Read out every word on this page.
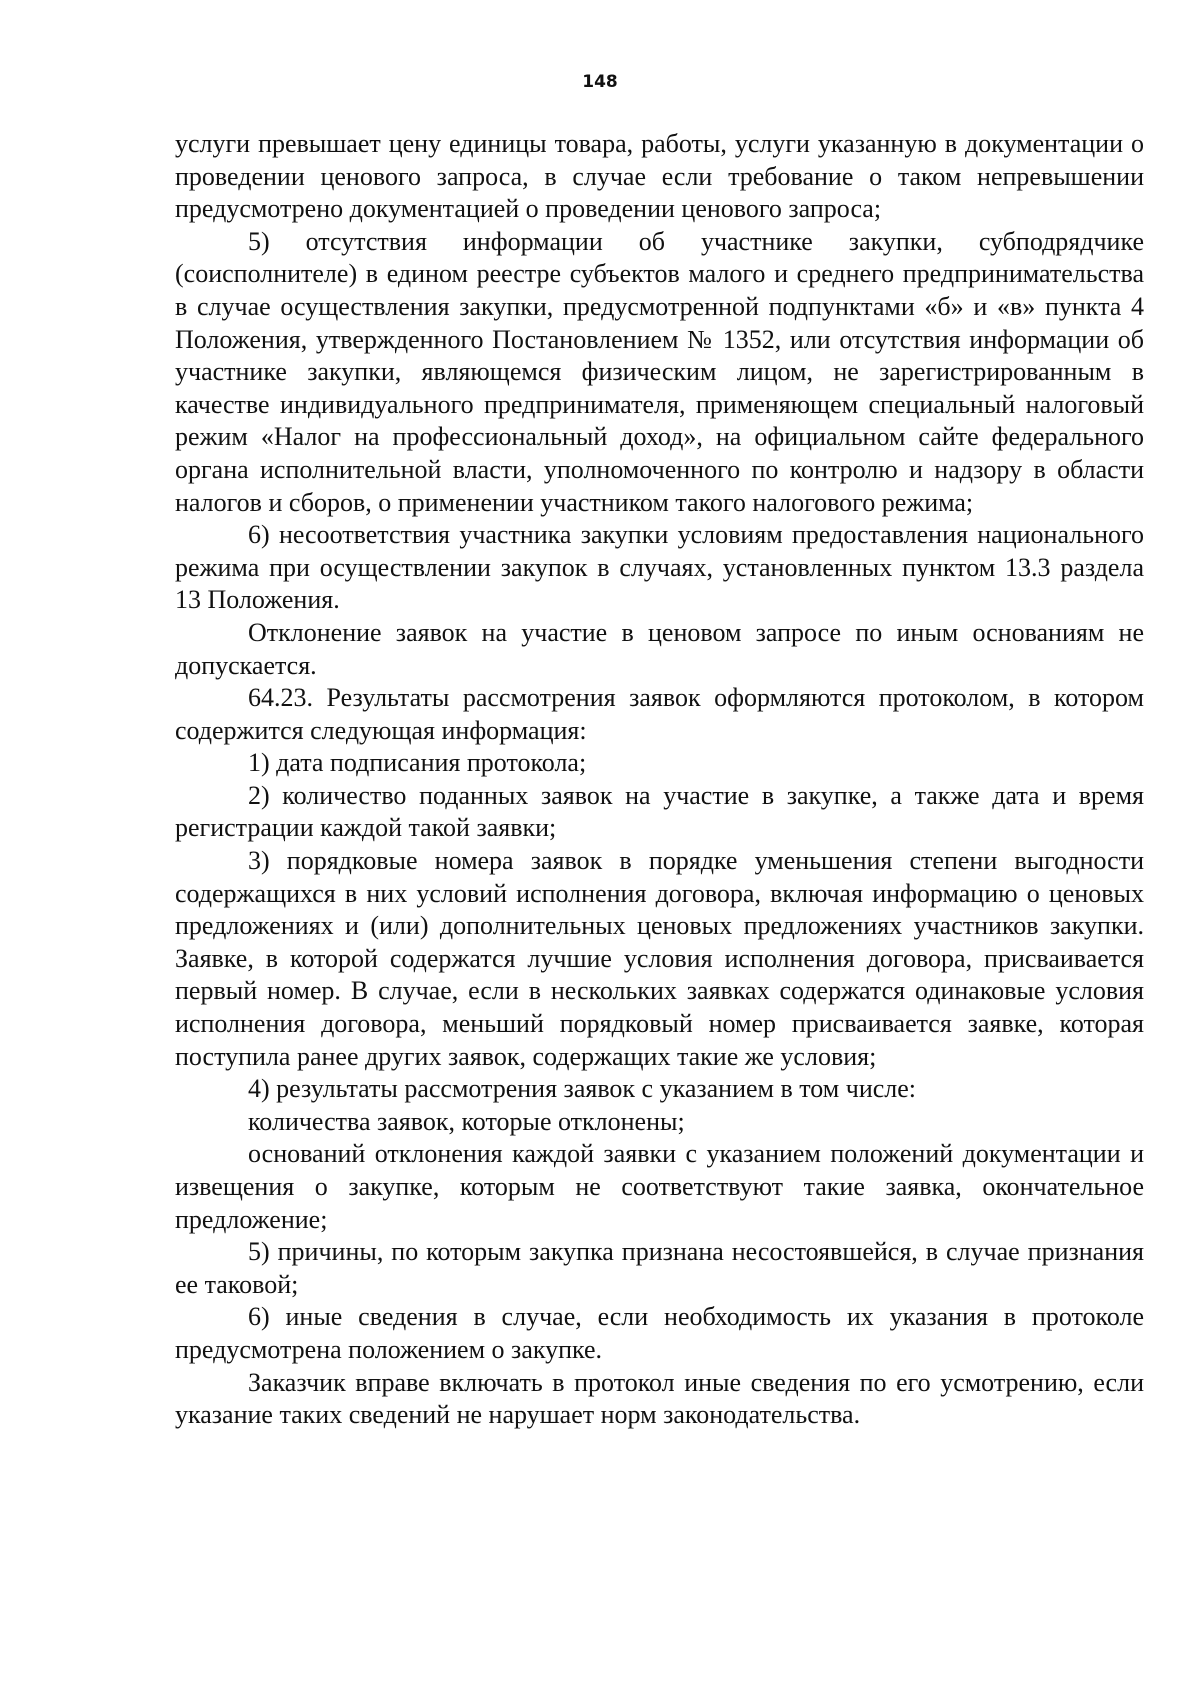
148

услуги превышает цену единицы товара, работы, услуги указанную в документации о проведении ценового запроса, в случае если требование о таком непревышении предусмотрено документацией о проведении ценового запроса;

5) отсутствия информации об участнике закупки, субподрядчике (соисполнителе) в едином реестре субъектов малого и среднего предпринимательства в случае осуществления закупки, предусмотренной подпунктами «б» и «в» пункта 4 Положения, утвержденного Постановлением № 1352, или отсутствия информации об участнике закупки, являющемся физическим лицом, не зарегистрированным в качестве индивидуального предпринимателя, применяющем специальный налоговый режим «Налог на профессиональный доход», на официальном сайте федерального органа исполнительной власти, уполномоченного по контролю и надзору в области налогов и сборов, о применении участником такого налогового режима;

6) несоответствия участника закупки условиям предоставления национального режима при осуществлении закупок в случаях, установленных пунктом 13.3 раздела 13 Положения.

Отклонение заявок на участие в ценовом запросе по иным основаниям не допускается.

64.23. Результаты рассмотрения заявок оформляются протоколом, в котором содержится следующая информация:

1) дата подписания протокола;

2) количество поданных заявок на участие в закупке, а также дата и время регистрации каждой такой заявки;

3) порядковые номера заявок в порядке уменьшения степени выгодности содержащихся в них условий исполнения договора, включая информацию о ценовых предложениях и (или) дополнительных ценовых предложениях участников закупки. Заявке, в которой содержатся лучшие условия исполнения договора, присваивается первый номер. В случае, если в нескольких заявках содержатся одинаковые условия исполнения договора, меньший порядковый номер присваивается заявке, которая поступила ранее других заявок, содержащих такие же условия;

4) результаты рассмотрения заявок с указанием в том числе:

количества заявок, которые отклонены;

оснований отклонения каждой заявки с указанием положений документации и извещения о закупке, которым не соответствуют такие заявка, окончательное предложение;

5) причины, по которым закупка признана несостоявшейся, в случае признания ее таковой;

6) иные сведения в случае, если необходимость их указания в протоколе предусмотрена положением о закупке.

Заказчик вправе включать в протокол иные сведения по его усмотрению, если указание таких сведений не нарушает норм законодательства.
